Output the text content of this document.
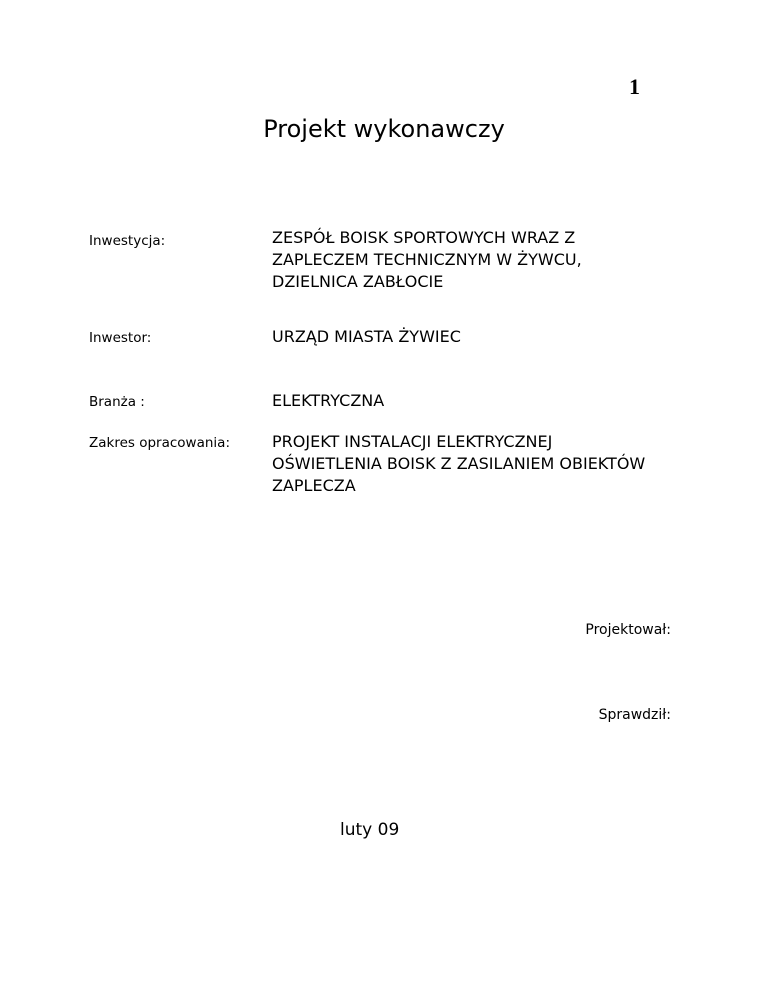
1
Projekt wykonawczy
Inwestycja:	ZESPÓŁ BOISK SPORTOWYCH WRAZ Z
ZAPLECZEM TECHNICZNYM W ŻYWCU,
DZIELNICA ZABŁOCIE
Inwestor:	URZĄD MIASTA ŻYWIEC
Branża :	ELEKTRYCZNA
Zakres opracowania:	PROJEKT INSTALACJI ELEKTRYCZNEJ
OŚWIETLENIA BOISK Z ZASILANIEM OBIEKTÓW
ZAPLECZA
Projektował:
Sprawdził:
luty 09
